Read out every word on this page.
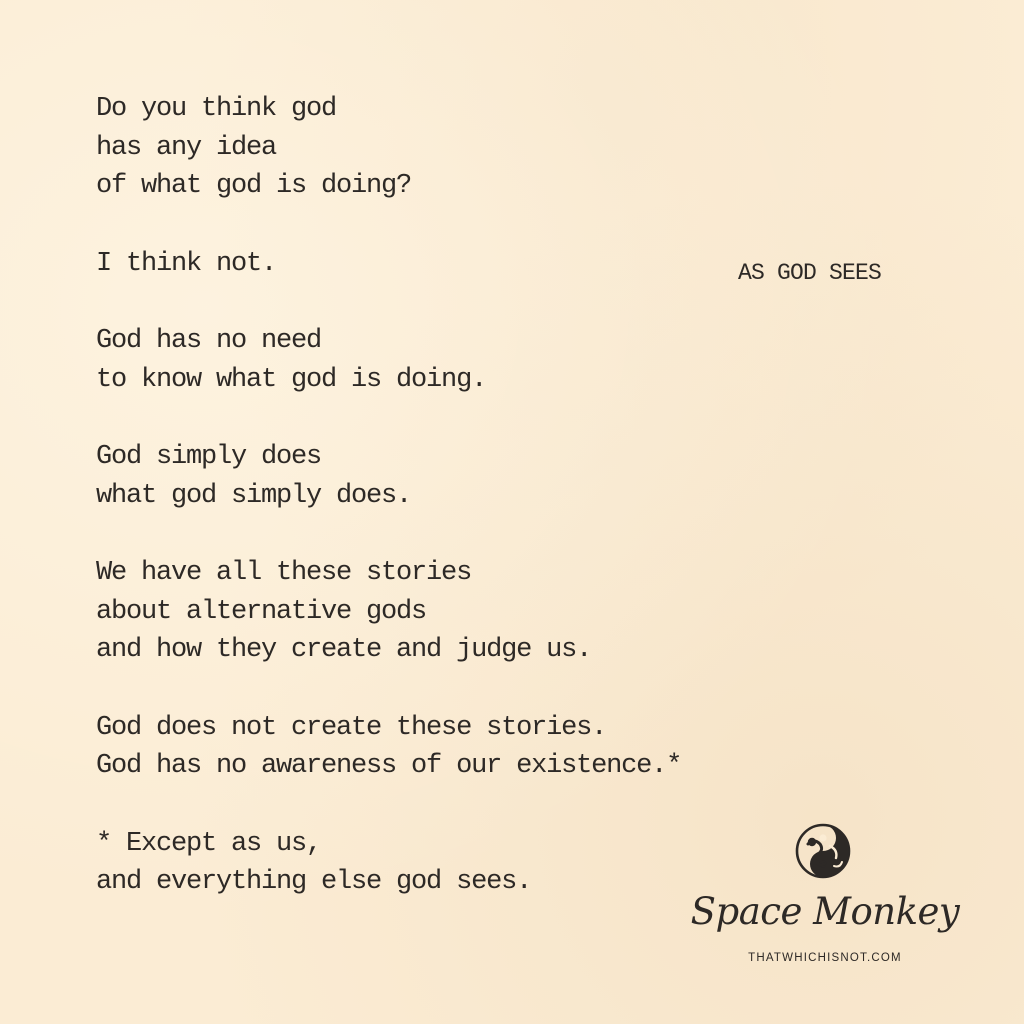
Do you think god
has any idea
of what god is doing?
I think not.
God has no need
to know what god is doing.
God simply does
what god simply does.
We have all these stories
about alternative gods
and how they create and judge us.
God does not create these stories.
God has no awareness of our existence.*
* Except as us,
and everything else god sees.
AS GOD SEES
Space Monkey
THATWHICHISNOT.COM
